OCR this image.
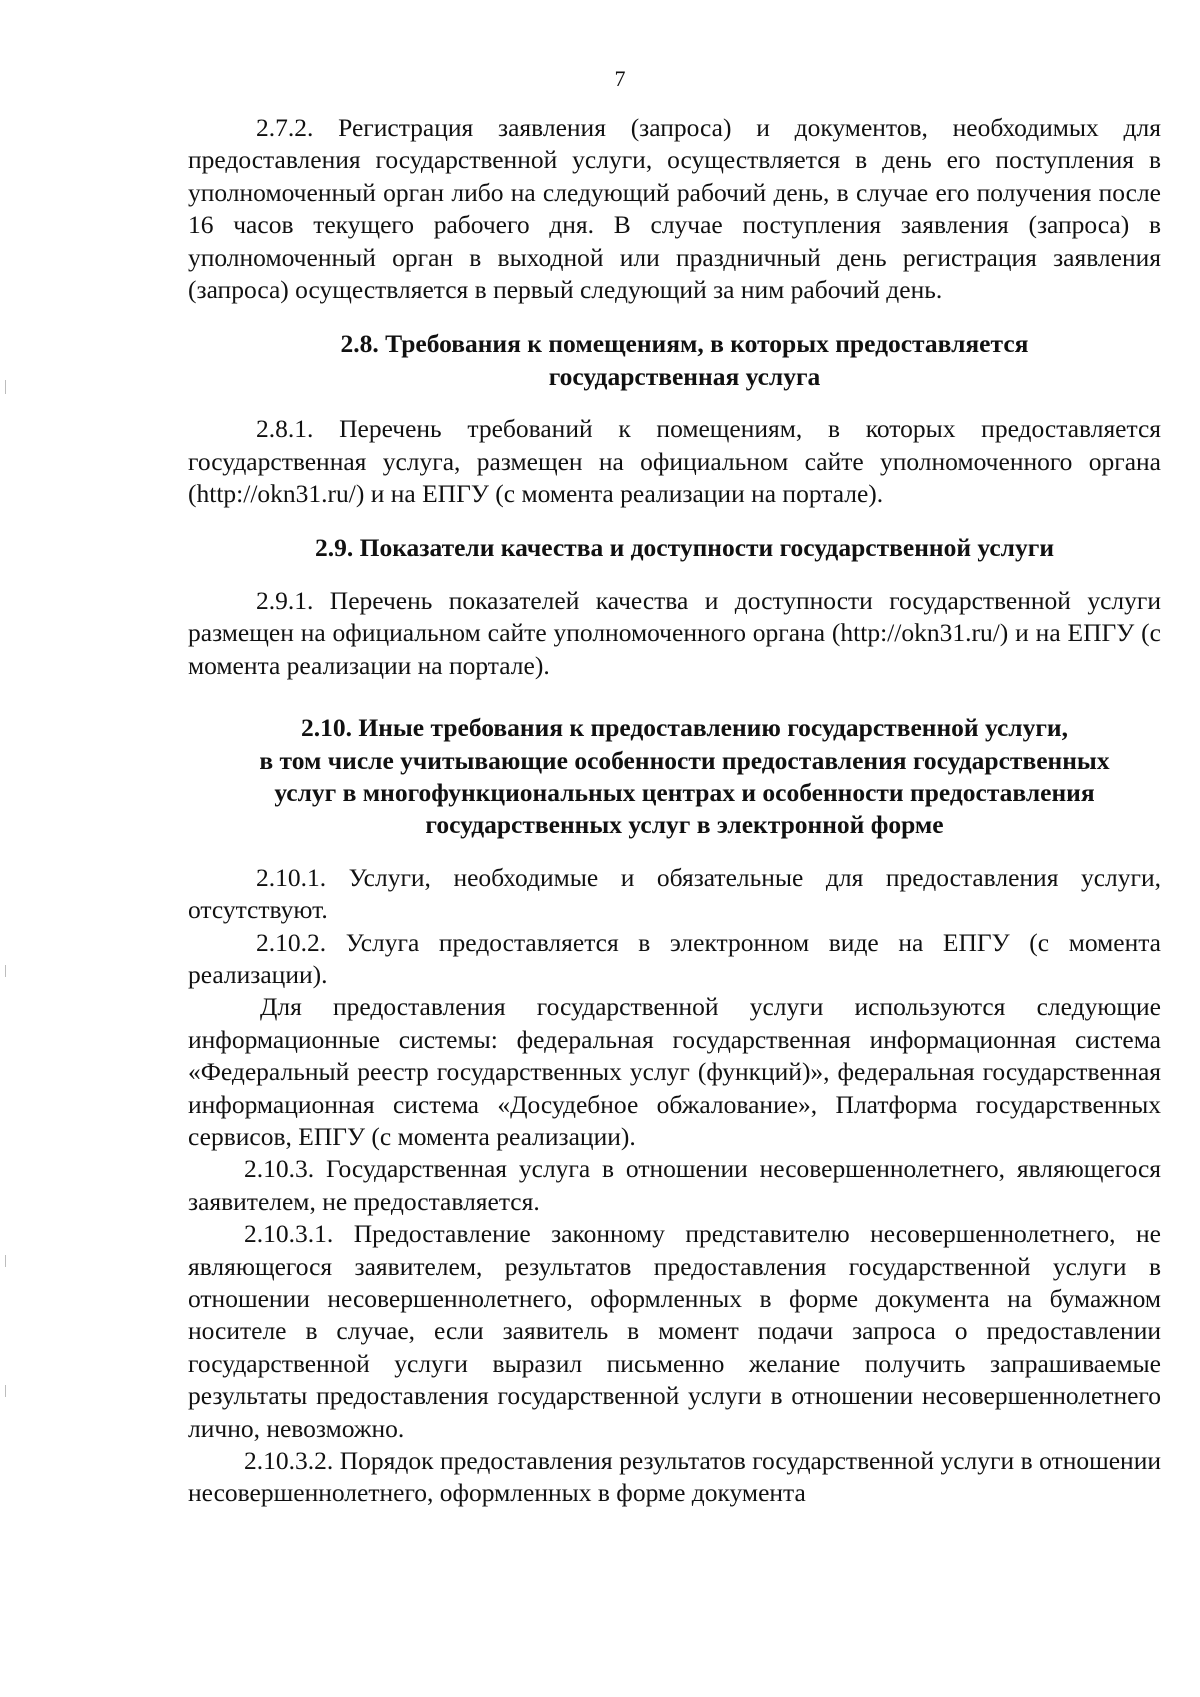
7

2.7.2. Регистрация заявления (запроса) и документов, необходимых для предоставления государственной услуги, осуществляется в день его поступления в уполномоченный орган либо на следующий рабочий день, в случае его получения после 16 часов текущего рабочего дня. В случае поступления заявления (запроса) в уполномоченный орган в выходной или праздничный день регистрация заявления (запроса) осуществляется в первый следующий за ним рабочий день.

2.8. Требования к помещениям, в которых предоставляется

государственная услуга

2.8.1. Перечень требований к помещениям, в которых предоставляется государственная услуга, размещен на официальном сайте уполномоченного органа (http://okn31.ru/) и на ЕПГУ (с момента реализации на портале).

2.9. Показатели качества и доступности государственной услуги

2.9.1. Перечень показателей качества и доступности государственной услуги размещен на официальном сайте уполномоченного органа (http://okn31.ru/) и на ЕПГУ (с момента реализации на портале).

2.10. Иные требования к предоставлению государственной услуги,

в том числе учитывающие особенности предоставления государственных

услуг в многофункциональных центрах и особенности предоставления

государственных услуг в электронной форме

2.10.1. Услуги, необходимые и обязательные для предоставления услуги, отсутствуют.

2.10.2. Услуга предоставляется в электронном виде на ЕПГУ (с момента реализации).

Для предоставления государственной услуги используются следующие информационные системы: федеральная государственная информационная система «Федеральный реестр государственных услуг (функций)», федеральная государственная информационная система «Досудебное обжалование», Платформа государственных сервисов, ЕПГУ (с момента реализации).

2.10.3. Государственная услуга в отношении несовершеннолетнего, являющегося заявителем, не предоставляется.

2.10.3.1. Предоставление законному представителю несовершеннолетнего, не являющегося заявителем, результатов предоставления государственной услуги в отношении несовершеннолетнего, оформленных в форме документа на бумажном носителе в случае, если заявитель в момент подачи запроса о предоставлении государственной услуги выразил письменно желание получить запрашиваемые результаты предоставления государственной услуги в отношении несовершеннолетнего лично, невозможно.

2.10.3.2. Порядок предоставления результатов государственной услуги в отношении несовершеннолетнего, оформленных в форме документа
